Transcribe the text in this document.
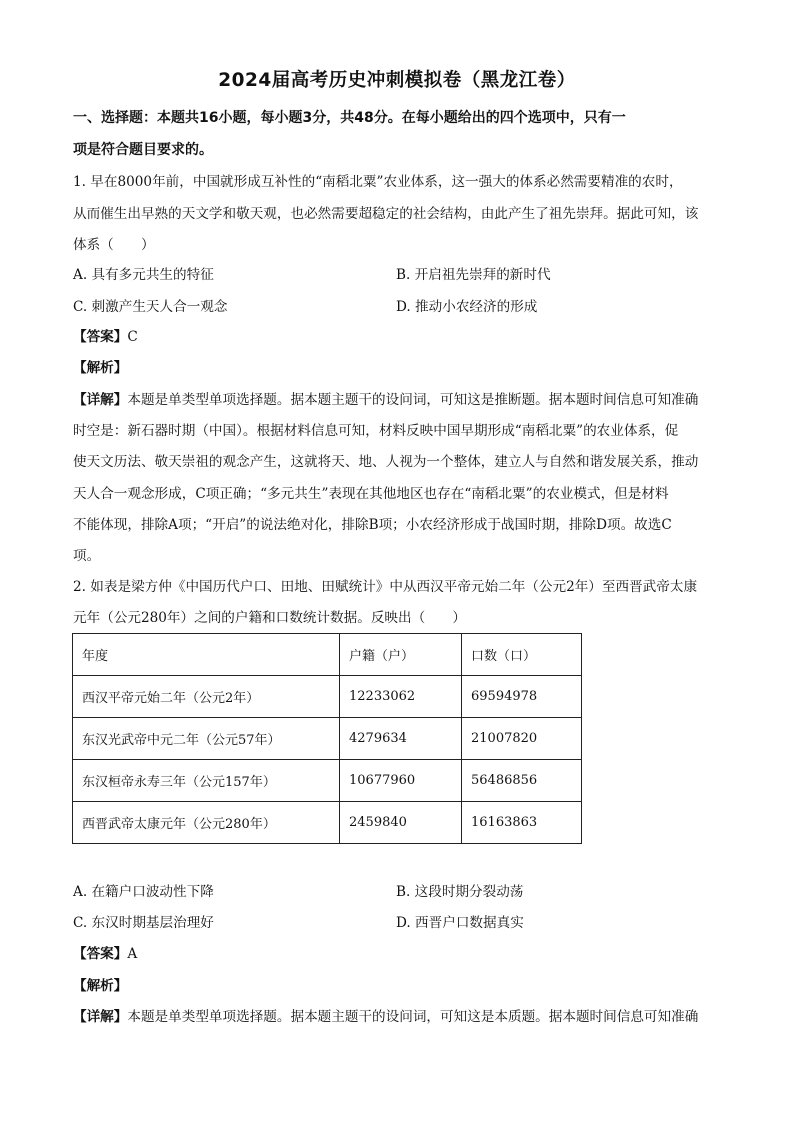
2024届高考历史冲刺模拟卷（黑龙江卷）
一、选择题：本题共16小题，每小题3分，共48分。在每小题给出的四个选项中，只有一
项是符合题目要求的。
1. 早在8000年前，中国就形成互补性的“南稻北粟”农业体系，这一强大的体系必然需要精准的农时，
从而催生出早熟的天文学和敬天观，也必然需要超稳定的社会结构，由此产生了祖先崇拜。据此可知，该
体系（　　）
A. 具有多元共生的特征	B. 开启祖先崇拜的新时代
C. 刺激产生天人合一观念	D. 推动小农经济的形成
【答案】C
【解析】
【详解】本题是单类型单项选择题。据本题主题干的设问词，可知这是推断题。据本题时间信息可知准确
时空是：新石器时期（中国）。根据材料信息可知，材料反映中国早期形成“南稻北粟”的农业体系，促
使天文历法、敬天崇祖的观念产生，这就将天、地、人视为一个整体，建立人与自然和谐发展关系，推动
天人合一观念形成，C项正确；“多元共生”表现在其他地区也存在“南稻北粟”的农业模式，但是材料
不能体现，排除A项；“开启”的说法绝对化，排除B项；小农经济形成于战国时期，排除D项。故选C
项。
2. 如表是梁方仲《中国历代户口、田地、田赋统计》中从西汉平帝元始二年（公元2年）至西晋武帝太康
元年（公元280年）之间的户籍和口数统计数据。反映出（　　）
年度	户籍（户）	口数（口）
西汉平帝元始二年（公元2年）	12233062	69594978
东汉光武帝中元二年（公元57年）	4279634	21007820
东汉桓帝永寿三年（公元157年）	10677960	56486856
西晋武帝太康元年（公元280年）	2459840	16163863
A. 在籍户口波动性下降	B. 这段时期分裂动荡
C. 东汉时期基层治理好	D. 西晋户口数据真实
【答案】A
【解析】
【详解】本题是单类型单项选择题。据本题主题干的设问词，可知这是本质题。据本题时间信息可知准确
